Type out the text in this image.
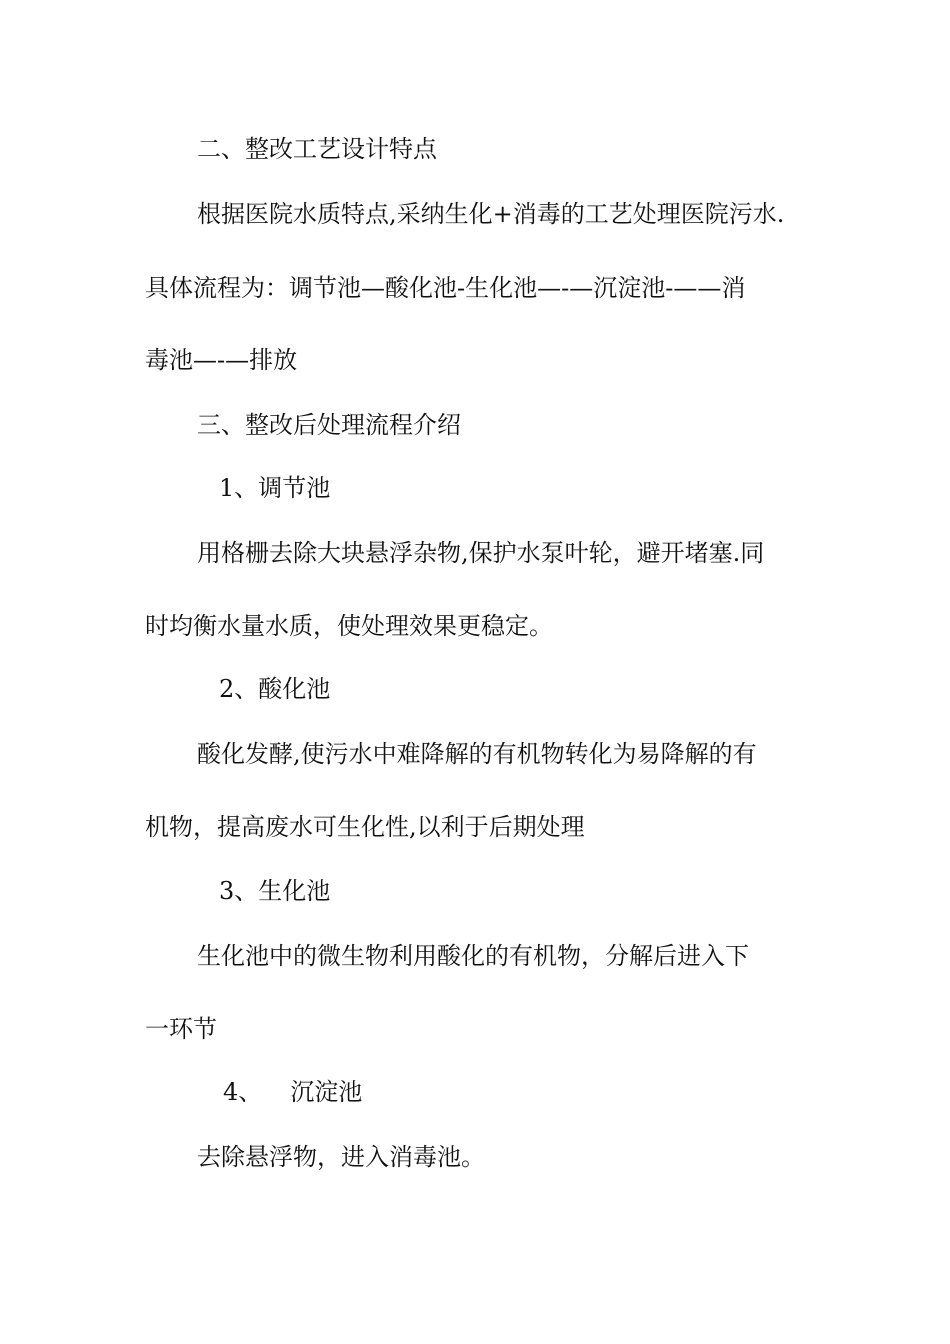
二、整改工艺设计特点

根据医院水质特点,采纳生化+消毒的工艺处理医院污水.

具体流程为：调节池—酸化池-生化池—-—沉淀池-——消

毒池—-—排放

三、整改后处理流程介绍

1、调节池

用格栅去除大块悬浮杂物,保护水泵叶轮，避开堵塞.同

时均衡水量水质，使处理效果更稳定。

2、酸化池

酸化发酵,使污水中难降解的有机物转化为易降解的有

机物，提高废水可生化性,以利于后期处理

3、生化池

生化池中的微生物利用酸化的有机物，分解后进入下

一环节

4、 沉淀池

去除悬浮物，进入消毒池。
